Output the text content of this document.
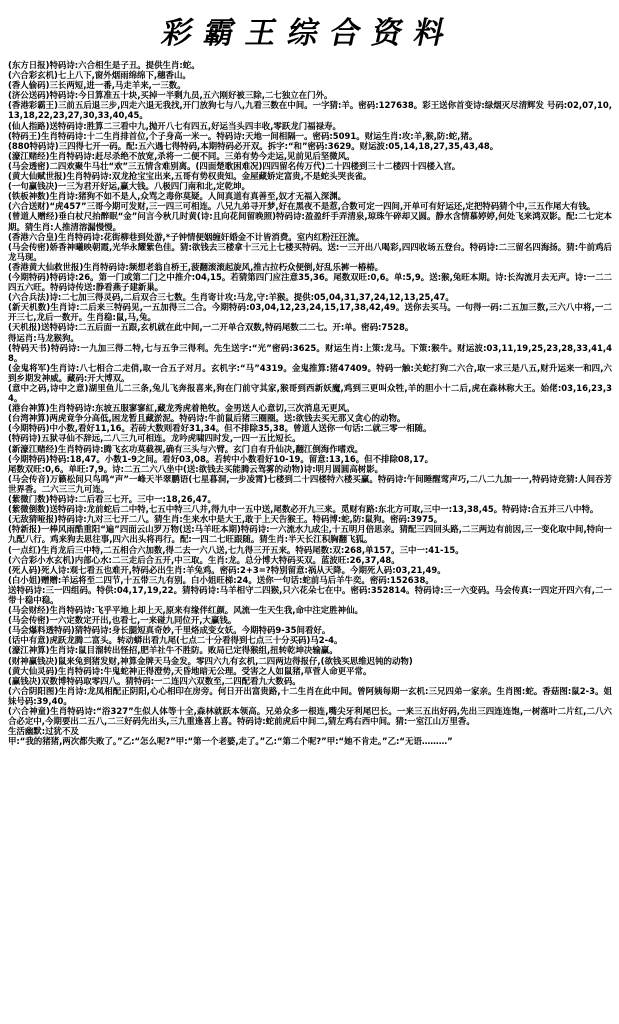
彩霸王综合资料

(东方日报)特码诗:六合相生是子丑。提供生肖:蛇。

(六合彩玄机)七上八下,窗外烟雨绵绵下,穗香山。

(香人偷码)三长两短,进一番,马走羊来,一三数。

(济公送码)特码诗:今日算准五十块,买掉一半剩九员,五六刚好被三除,二七独立在门外。

(香港彩霸王)三前五后退三步,四走六退无我找,开门放狗七与八,九看三数在中间。一字猜:羊。密码:127638。彩王送你首变诗:绿烟灭尽清辉发 号码:02,07,10,13,18,22,23,27,30,33,40,45。

(仙人指路)送特码诗:胜算二三看中九,抛开八七有四五,好运当头四丰收,零跃龙门福禄寿。

(特码王)生肖特码诗:十二生肖排首位,个子身高一米一。特码诗:天地一间相隔一。密码:5091。财运生肖:攻:羊,猴,防:蛇,猪。

(880特码诗)三四得七开一码。配:五六遇七得特码,本期特码必开双。拆字:“和”密码:3629。财运波:05,14,18,27,35,43,48。

(濠江赌经)生肖特码诗:赶尽杀绝不放宽,杀将一二便不同。三弟有势今走运,见前见后坚微风。

(马会透密)二四欢聚牛马壮“欢”三五情含难别离。(四面楚歌困难况)四四留名传万代)二十四楼到三十二楼四十四楼入宫。

(黄大仙赋世报)生肖特码诗:双龙抢宝宝出来,五哥有势权贵知。金屋藏娇定富贵,不是蛇头哭丧雀。

(一句赢钱决)一三为君开好运,赢大钱。八极四门南和北,定乾坤。

(铁板神数)生肖诗:猪狗不如不是人,众骂之毒你莫疑。人间真道有真善至,奴才无福入深渊。

(六合送财)“虎457”三哥今期可发财,三一四三可相连。八兄九弟寻开梦,好在黑夜不是惹,合数可定一四间,开单可有好运还,定把特码猜个中,三五作尾大有钱。

(曾道人赠经)垂白杖尺抬醉眠“金”问言今秋几时黄(诗:且向花间留晚照)特码诗:盈盈纤手弄清泉,琼珠午碎却又圆。静水含情慕婷婷,何处飞来鸿双影。配:二七定本期。猜生肖:人推清溶漏慢慢。

(香港六合皇)生肖特码诗:花街柳巷到处游,*子钟情便姻缠奸婚金不计皆消费。室内红粉汪汪流。

(马会传密)娇香神曦映朝霞,光华永耀紫色佳。猜:欲钱去三楼拿十三元上七楼买特码。送:一三开出八喝彩,四四收场五登台。特码诗:二三留名四海扬。猜:牛前鸡后龙马现。

(香港黄大仙救世报)生肖特码诗:频想老翁自桥王,菠翻滚滚起旋风,推古拉朽众便倒,好乱乐裤一椿椿。

(今期特码)特码诗:26。第一门或第二门之中推介:04,15。若猜第四门应注意35,36。尾数双旺:0,6。单:5,9。送:猴,兔旺本期。诗:长沟流月去无声。诗:一二二四五六旺。特码诗传送:静看燕子建新巢。

(六合兵法)诗:二七加三得灵码,二后双合三七数。生肖寄计攻:马龙,守:羊猴。提供:05,04,31,37,24,12,13,25,47。

(新天机数)生肖诗:二后来三特码见,一五加得三二合。今期特码:03,04,12,23,24,15,17,38,42,49。送你去买马。一句得一码:二五加三数,三六八中将,一二开三七,龙后一数开。生肖稳:鼠,马,兔。

(天机报)送特码诗:二五后面一五跟,玄机就在此中间,一二开单合双数,特码尾数二二七。开:单。密码:7528。

得运肖:马龙猴狗。

(特码天书)特码诗:一九加三得二特,七与五争三得利。先生送字:“光”密码:3625。财运生肖:上策:龙马。下策:猴牛。财运波:03,11,19,25,23,28,33,41,48。

(金鬼将军)生肖诗:八七相合二走俏,取一合五子对月。玄机字:“马”4319。金鬼推算:猪47409。特码一触:关蛇打狗二六合,取一求三是八五,财升运来一和四,六到乡期发神威。藏码:开大博双。

(意中之码,诗中之意)湖里鱼儿二三条,兔儿飞奔报喜来,狗在门前守其家,猴哥到西新妖魔,鸡到三更叫众牲,羊的胆小十二后,虎在森林称大王。始佬:03,16,23,34。

(港台神算)生肖特码诗:东坡五服寥寥紅,藏龙秀虎着艳牧。金男送人心意切,三次消息无更风。

(台湾神算)两虎竟争分高低,困龙暂且藏淤泥。特码诗:牛前鼠后猪三圈圈。送:欲钱去买无那又贪心的动物。

(今期特码)中小数,看好11,16。若砖大数则看好31,34。但不排除35,38。曾道人送你一句话:二就三零一相随。

(特码诗)五狱寻仙不辞远,二八三九可相连。龙吟虎啸四时发,一四一五比短长。

(新濠江赌经)生肖特码诗:腾飞玄功莫截视,确有三头与六臂。玄门自有升仙决,翻江倒海作嗜戏。

(今期特码)特码:18,47。小数1-9之间。看好03,08。若转中小数看好10-19。留意:13,16。但不排除08,17。

尾数双旺:0,6。单旺:7,9。诗:二五二六八坐中(送:欲钱去买能腾云驾雾的动物)诗:明月圆圆高树影。

(马会传音)万籁松间只鸟鸣“声”一峰天半翠鹏语(七星暮洞,一步凌霄)七楼到二十四楼特六楼买赢。特码诗:午间睡醒莺声巧,二八二九加一一,特码诗竞猜:人间吞芳世界香。二六三三九可连。

(紫微门数)特码诗:二后看三七开。三中一:18,26,47。

(紫微倒数)送特码诗:龙前蛇后二中特,七五中特三八并,得九中一五中送,尾数必开九三来。觅财有路:东北方可取,三中一:13,38,45。特码诗:合五并三八中特。

(无敌猜哑报)特码诗:九对三七开二八。猜生肖:生来水中是大王,敢于上天告猴王。特码博:蛇,防:鼠狗。密码:3975。

(特新报)一棒风雨酷重阳“遍”四面云山罗万物(送:马羊旺本期)特码诗:一六流水九成尘,十五明月倍思亲。猜配三四回头路,二三两边有前因,三一变化取中间,特向一九配八行。鸡来狗去思往事,四六出头将再行。配:一四二七旺跟随。猜生肖:半天长江积胸翻飞狐。

(一点红)生肖龙后三中特,二五相合六加数,得二去一六八送,七九得三开五来。特码尾数:双:268,单157。三中一:41-15。

(六合彩小水玄机)内部心水:二三走后合五开,中三取。生肖:龙。总分博大特码买双。蓝波旺:26,37,48。

(死人码)死人诗:观七看五也难开,特码必出生肖:羊兔鸡。密码:2+3=?特别留意:祸从天降。今期死人码:03,21,49。

(白小姐)赠赠:羊运将至二四节,十五带三九有别。白小姐旺梯:24。送你一句话:蛇前马后羊牛奕。密码:152638。

送特码诗:三一四组码。特供:04,17,19,22。猜特码诗:马羊相守二四猴,只六花朵七在中。密码:352814。特码诗:三一六变码。马会传真:一四定开四六有,二一带十稳中稳。

(马会财经)生肖特码诗:飞乎平地上却上天,原来有缘伴红颜。风流一生天生我,命中注定胜神仙。

(马会传密)一六定数定开出,也看七,一来碰九同位开,大赢钱。

(马会爆料透特码)猜特码诗:身长腿短真奇妙,千里烙成变女妖。今期特码9-35间看好。

(话中有意)虎跃龙腾二富头。转动蟒出看九尾(七点二十分看得到七点三十分买码)马2-4。

(濠江神算)生肖诗:鼠目溜转出怪招,肥羊社牛不胜防。败局已定得猴组,扭转乾坤决输赢。

(财神赢钱决)鼠来兔到猪发财,神算金牌天马金发。零四六九有玄机,二四两边得报仔,(欲钱买思维迟钝的动物)

(黄大仙灵码)生肖特码诗:牛鬼蛇神正得澄势,天昏地暗无公理。受害之人如鼠猪,草菅人命更平常。

(赢钱决)双数博特码取零四八。猜特码:一二连四六双数至,二四配看九大数码。

(六合阴阳图)生肖诗:龙凤相配正阴阳,心心相印在房旁。何日开出富贵路,十二生肖在此中间。曾阿姨每期一玄机:三兄四弟一家亲。生肖图:蛇。香菇图:鼠2-3。姐妹号码:39,40。

(六合神童)生肖特码诗:“浴327”生似人体等十全,森林就跃本领高。兄弟众多一根连,嘴尖牙利尾巴长。一来三五出好码,先出三四连连饱,一树落叶二片红,二八六合必定中,今期要出二五八,二三好码先出头,三九重逢喜上喜。特码诗:蛇前虎后中间二,猜左鸡右西中间。猜:一室江山万里香。

生活幽默:过犹不及

甲:“我的猪猪,两次都失败了。”乙:“怎么呢?”甲:“第一个老婆,走了。”乙:“第二个呢?”甲:“她不肯走。”乙:“无语………”
